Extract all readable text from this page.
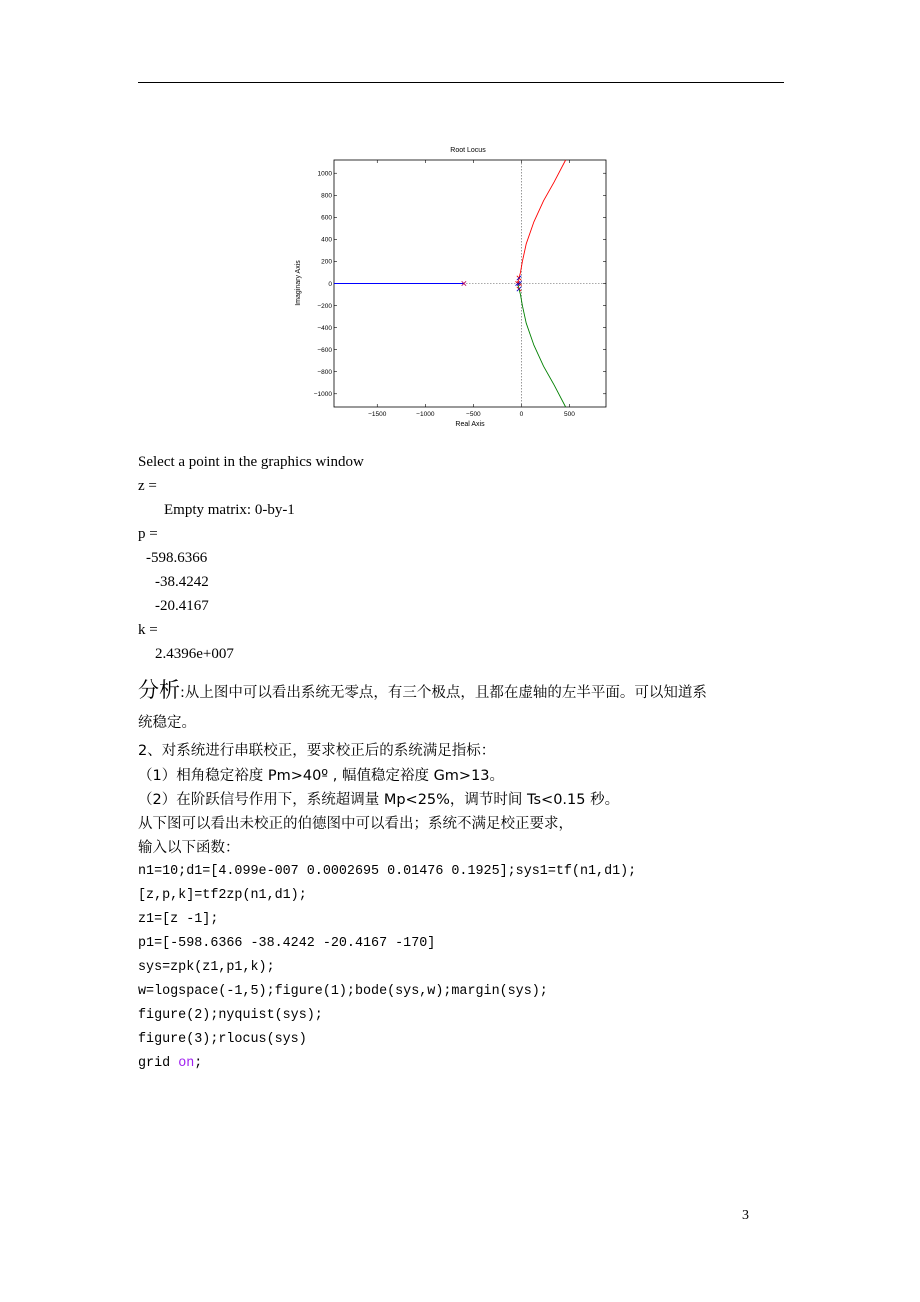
Root Locus
−1500	−1000	−500	0	500
1000
800
600
400
200
0
−200
−400
−600
−800
−1000
Real Axis
Imaginary Axis
Select a point in the graphics window
z =
Empty matrix: 0-by-1
p =
-598.6366
-38.4242
-20.4167
k =
2.4396e+007
分析:从上图中可以看出系统无零点，有三个极点，且都在虚轴的左半平面。可以知道系
统稳定。
2、对系统进行串联校正，要求校正后的系统满足指标：
（1）相角稳定裕度 Pm>40º , 幅值稳定裕度 Gm>13。
（2）在阶跃信号作用下，系统超调量 Mp<25%，调节时间 Ts<0.15 秒。
从下图可以看出未校正的伯德图中可以看出；系统不满足校正要求，
输入以下函数：
n1=10;d1=[4.099e-007 0.0002695 0.01476 0.1925];sys1=tf(n1,d1);
[z,p,k]=tf2zp(n1,d1);
z1=[z -1];
p1=[-598.6366 -38.4242 -20.4167 -170]
sys=zpk(z1,p1,k);
w=logspace(-1,5);figure(1);bode(sys,w);margin(sys);
figure(2);nyquist(sys);
figure(3);rlocus(sys)
grid on;
3
